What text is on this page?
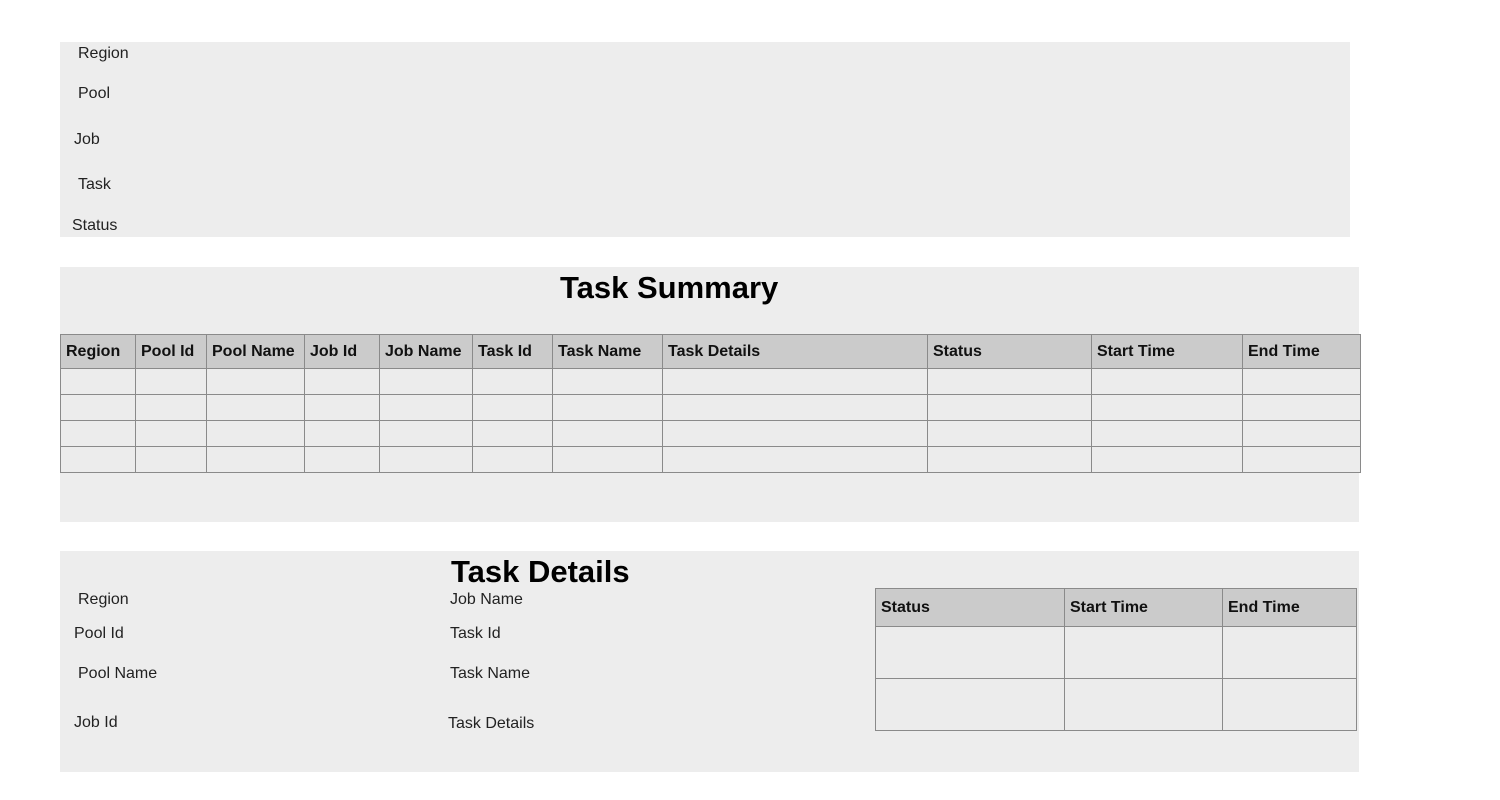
Region
Pool
Job
Task
Status
Task Summary
Region	Pool Id	Pool Name	Job Id	Job Name	Task Id	Task Name	Task Details	Status	Start Time	End Time

Task Details
Region
Pool Id
Pool Name
Job Id
Job Name
Task Id
Task Name
Task Details
Status	Start Time	End Time
